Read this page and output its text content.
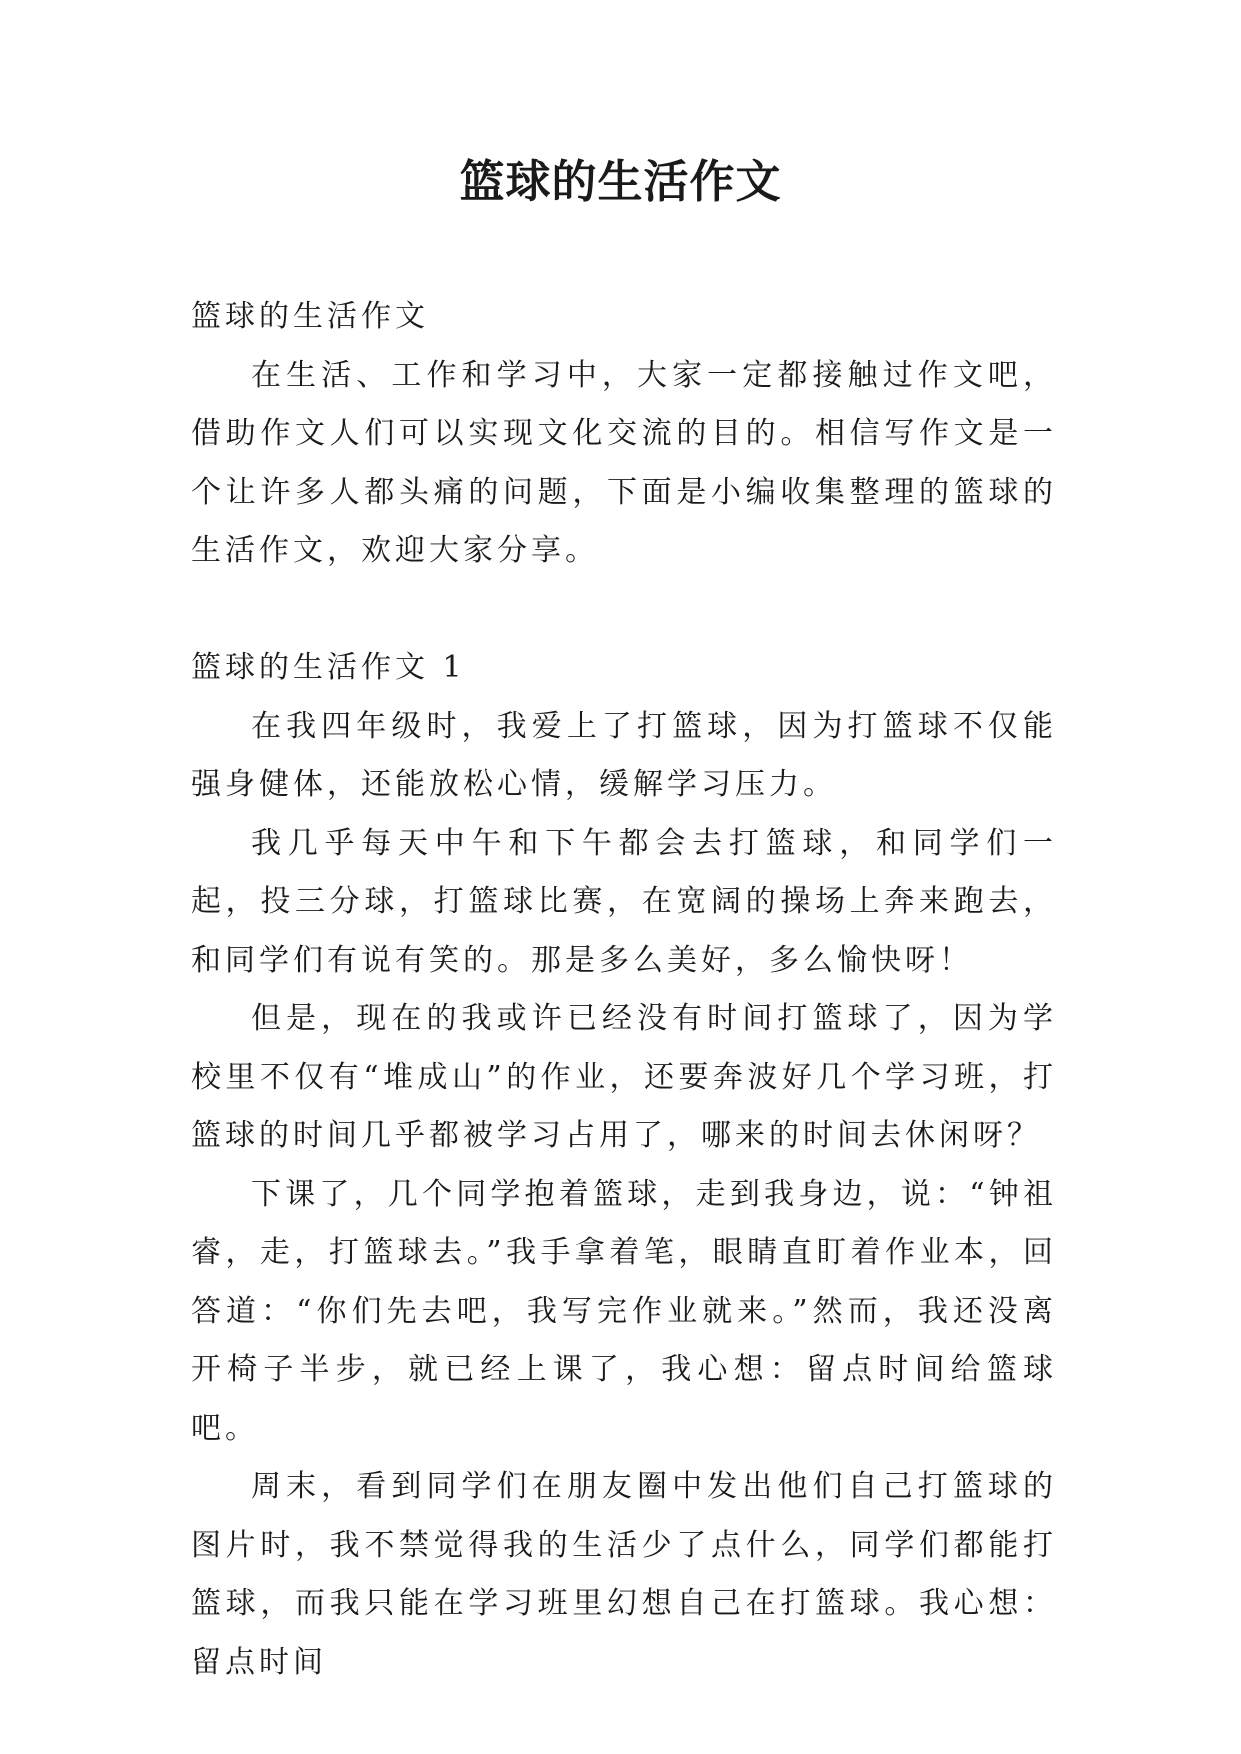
篮球的生活作文

篮球的生活作文

在生活、工作和学习中，大家一定都接触过作文吧，借助作文人们可以实现文化交流的目的。相信写作文是一个让许多人都头痛的问题，下面是小编收集整理的篮球的生活作文，欢迎大家分享。

篮球的生活作文 1

在我四年级时，我爱上了打篮球，因为打篮球不仅能强身健体，还能放松心情，缓解学习压力。

我几乎每天中午和下午都会去打篮球，和同学们一起，投三分球，打篮球比赛，在宽阔的操场上奔来跑去，和同学们有说有笑的。那是多么美好，多么愉快呀！

但是，现在的我或许已经没有时间打篮球了，因为学校里不仅有“堆成山”的作业，还要奔波好几个学习班，打篮球的时间几乎都被学习占用了，哪来的时间去休闲呀？

下课了，几个同学抱着篮球，走到我身边，说：“钟祖睿，走，打篮球去。”我手拿着笔，眼睛直盯着作业本，回答道：“你们先去吧，我写完作业就来。”然而，我还没离开椅子半步，就已经上课了，我心想：留点时间给篮球吧。

周末，看到同学们在朋友圈中发出他们自己打篮球的图片时，我不禁觉得我的生活少了点什么，同学们都能打篮球，而我只能在学习班里幻想自己在打篮球。我心想：留点时间
